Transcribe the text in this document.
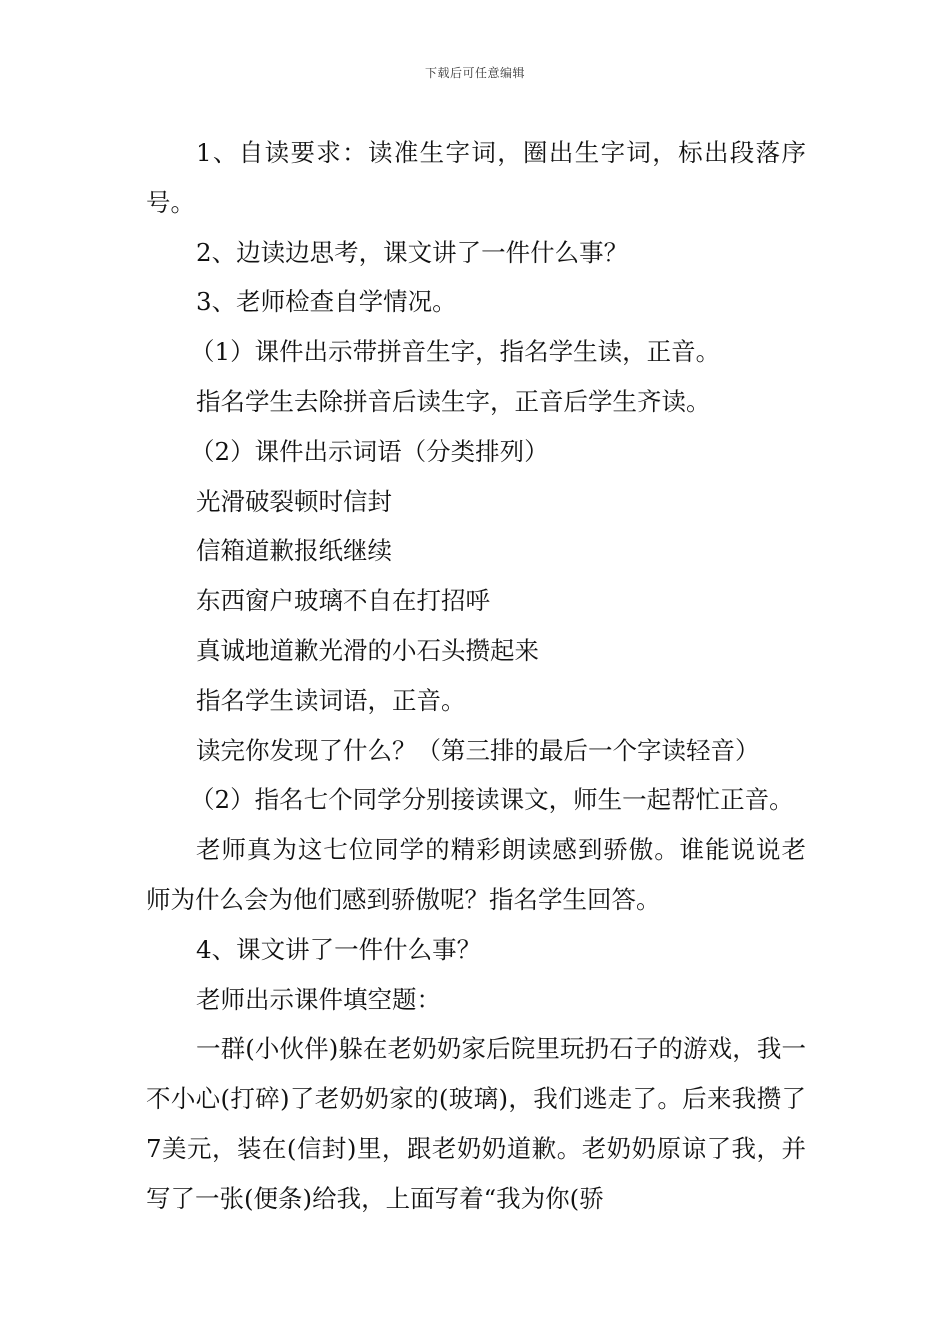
下载后可任意编辑

1、自读要求：读准生字词，圈出生字词，标出段落序号。

2、边读边思考，课文讲了一件什么事？

3、老师检查自学情况。

（1）课件出示带拼音生字，指名学生读，正音。

指名学生去除拼音后读生字，正音后学生齐读。

（2）课件出示词语（分类排列）

光滑破裂顿时信封

信箱道歉报纸继续

东西窗户玻璃不自在打招呼

真诚地道歉光滑的小石头攒起来

指名学生读词语，正音。

读完你发现了什么？（第三排的最后一个字读轻音）

（2）指名七个同学分别接读课文，师生一起帮忙正音。

老师真为这七位同学的精彩朗读感到骄傲。谁能说说老师为什么会为他们感到骄傲呢？指名学生回答。

4、课文讲了一件什么事？

老师出示课件填空题：

一群(小伙伴)躲在老奶奶家后院里玩扔石子的游戏，我一不小心(打碎)了老奶奶家的(玻璃)，我们逃走了。后来我攒了7美元，装在(信封)里，跟老奶奶道歉。老奶奶原谅了我，并写了一张(便条)给我，上面写着“我为你(骄
